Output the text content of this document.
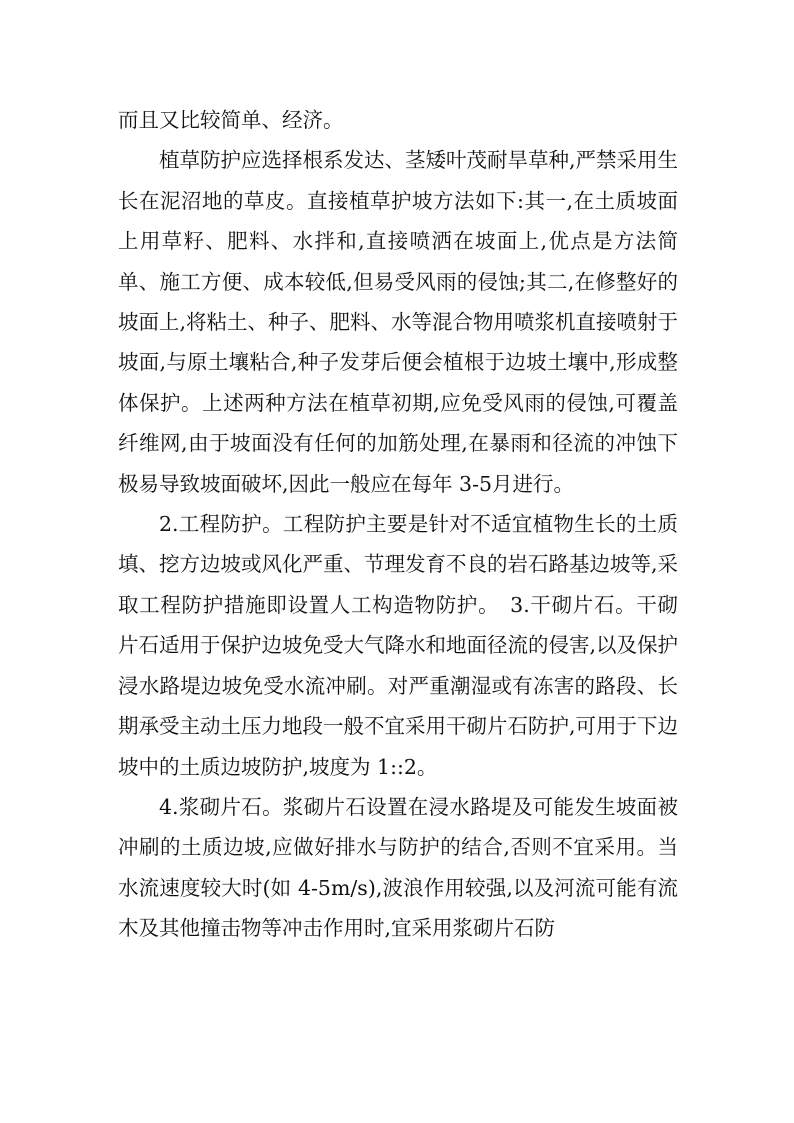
而且又比较简单、经济。

植草防护应选择根系发达、茎矮叶茂耐旱草种,严禁采用生长在泥沼地的草皮。直接植草护坡方法如下:其一,在土质坡面上用草籽、肥料、水拌和,直接喷洒在坡面上,优点是方法简单、施工方便、成本较低,但易受风雨的侵蚀;其二,在修整好的坡面上,将粘土、种子、肥料、水等混合物用喷浆机直接喷射于坡面,与原土壤粘合,种子发芽后便会植根于边坡土壤中,形成整体保护。上述两种方法在植草初期,应免受风雨的侵蚀,可覆盖纤维网,由于坡面没有任何的加筋处理,在暴雨和径流的冲蚀下极易导致坡面破坏,因此一般应在每年 3-5月进行。

2.工程防护。工程防护主要是针对不适宜植物生长的土质填、挖方边坡或风化严重、节理发育不良的岩石路基边坡等,采取工程防护措施即设置人工构造物防护。　3.干砌片石。干砌片石适用于保护边坡免受大气降水和地面径流的侵害,以及保护浸水路堤边坡免受水流冲刷。对严重潮湿或有冻害的路段、长期承受主动土压力地段一般不宜采用干砌片石防护,可用于下边坡中的土质边坡防护,坡度为 1::2。

4.浆砌片石。浆砌片石设置在浸水路堤及可能发生坡面被冲刷的土质边坡,应做好排水与防护的结合,否则不宜采用。当水流速度较大时(如 4-5m/s),波浪作用较强,以及河流可能有流木及其他撞击物等冲击作用时,宜采用浆砌片石防
